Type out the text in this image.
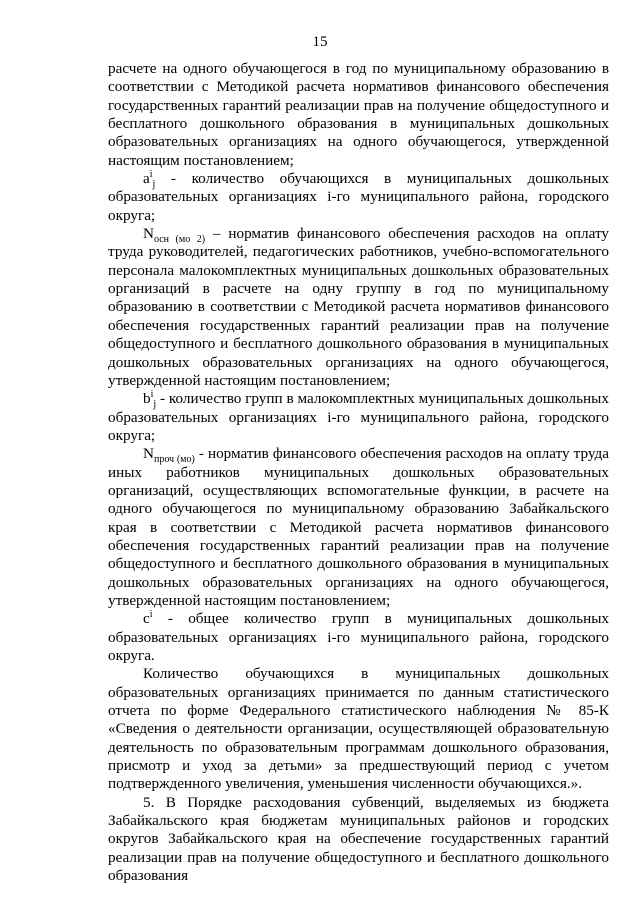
15

расчете на одного обучающегося в год по муниципальному образованию в соответствии с Методикой расчета нормативов финансового обеспечения государственных гарантий реализации прав на получение общедоступного и бесплатного дошкольного образования в муниципальных дошкольных образовательных организациях на одного обучающегося, утвержденной настоящим постановлением;

$a^i_j$ - количество обучающихся в муниципальных дошкольных образовательных организациях i-го муниципального района, городского округа;

$N_{осн (мо 2)}$ – норматив финансового обеспечения расходов на оплату труда руководителей, педагогических работников, учебно-вспомогательного персонала малокомплектных муниципальных дошкольных образовательных организаций в расчете на одну группу в год по муниципальному образованию в соответствии с Методикой расчета нормативов финансового обеспечения государственных гарантий реализации прав на получение общедоступного и бесплатного дошкольного образования в муниципальных дошкольных образовательных организациях на одного обучающегося, утвержденной настоящим постановлением;

$b^i_j$ - количество групп в малокомплектных муниципальных дошкольных образовательных организациях i-го муниципального района, городского округа;

$N_{проч (мо)}$ - норматив финансового обеспечения расходов на оплату труда иных работников муниципальных дошкольных образовательных организаций, осуществляющих вспомогательные функции, в расчете на одного обучающегося по муниципальному образованию Забайкальского края в соответствии с Методикой расчета нормативов финансового обеспечения государственных гарантий реализации прав на получение общедоступного и бесплатного дошкольного образования в муниципальных дошкольных образовательных организациях на одного обучающегося, утвержденной настоящим постановлением;

$c^i$ - общее количество групп в муниципальных дошкольных образовательных организациях i-го муниципального района, городского округа.

Количество обучающихся в муниципальных дошкольных образовательных организациях принимается по данным статистического отчета по форме Федерального статистического наблюдения № 85-К «Сведения о деятельности организации, осуществляющей образовательную деятельность по образовательным программам дошкольного образования, присмотр и уход за детьми» за предшествующий период с учетом подтвержденного увеличения, уменьшения численности обучающихся.».

5. В Порядке расходования субвенций, выделяемых из бюджета Забайкальского края бюджетам муниципальных районов и городских округов Забайкальского края на обеспечение государственных гарантий реализации прав на получение общедоступного и бесплатного дошкольного образования
